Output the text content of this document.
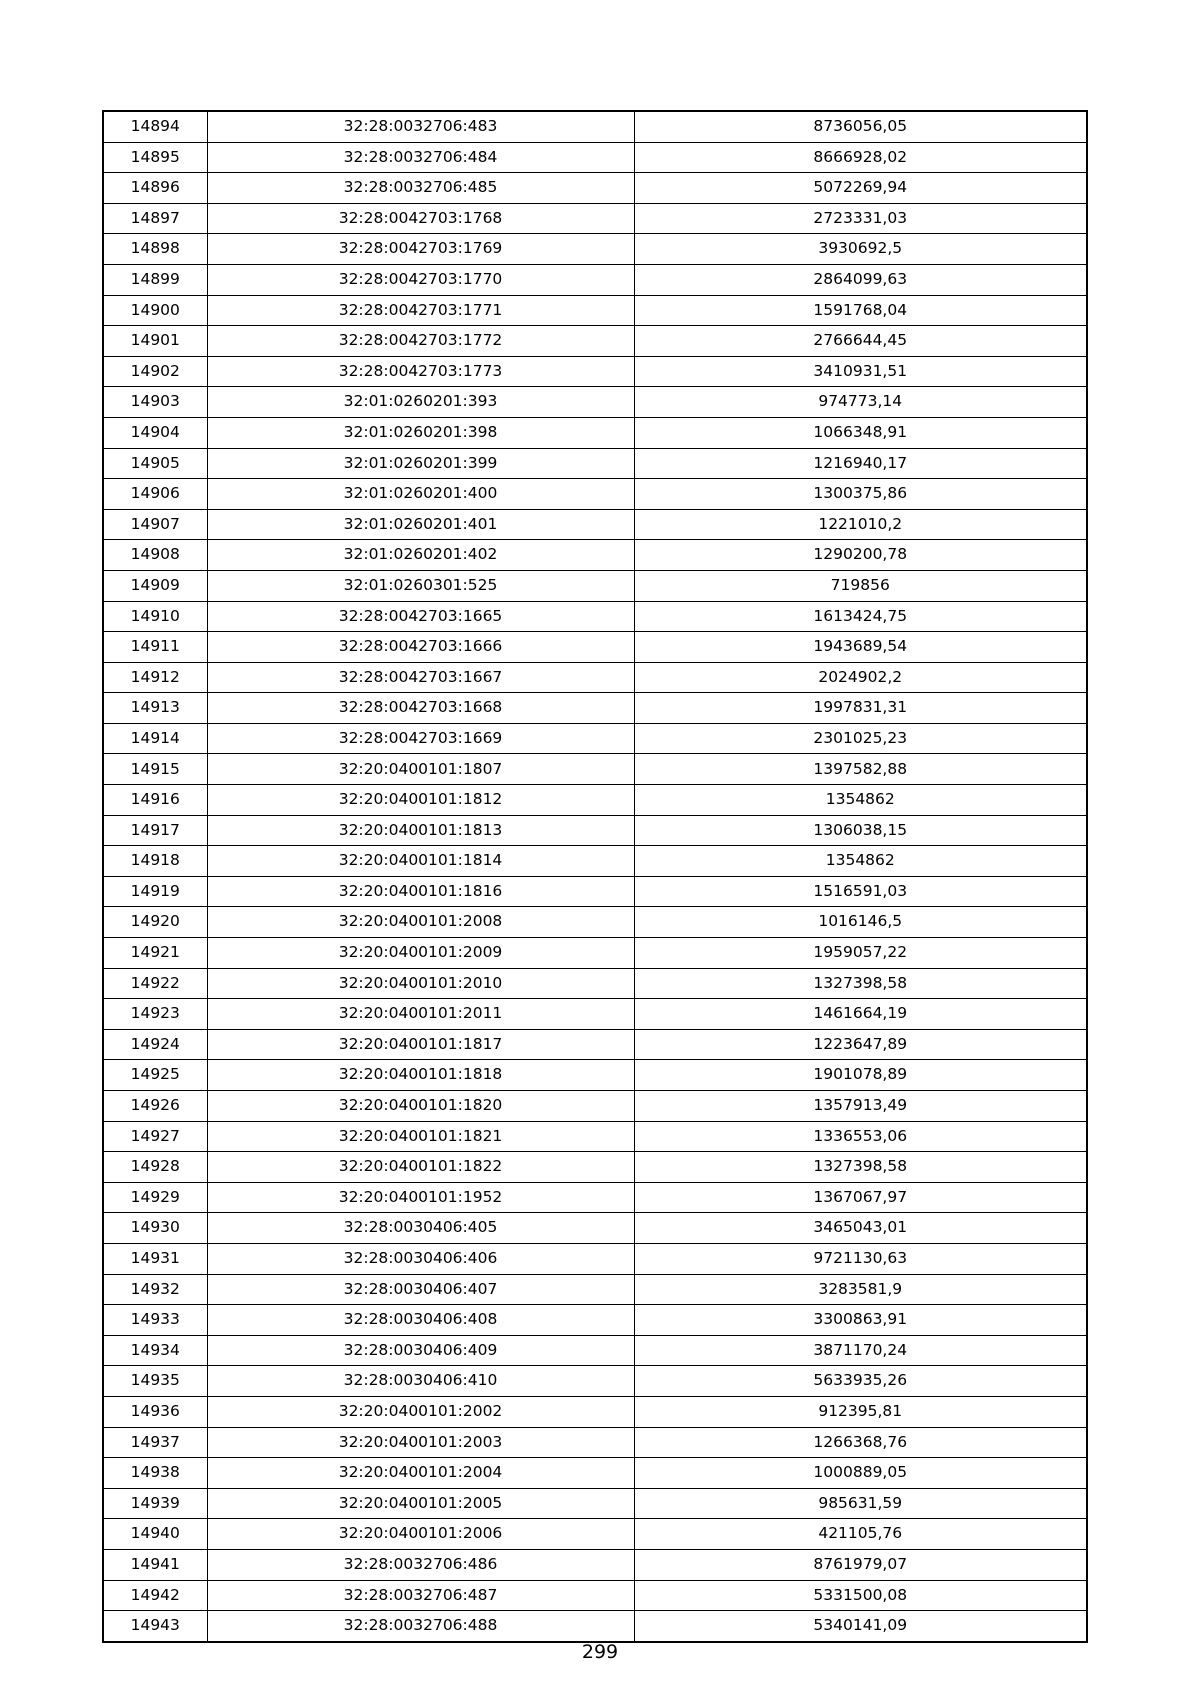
14894	32:28:0032706:483	8736056,05
14895	32:28:0032706:484	8666928,02
14896	32:28:0032706:485	5072269,94
14897	32:28:0042703:1768	2723331,03
14898	32:28:0042703:1769	3930692,5
14899	32:28:0042703:1770	2864099,63
14900	32:28:0042703:1771	1591768,04
14901	32:28:0042703:1772	2766644,45
14902	32:28:0042703:1773	3410931,51
14903	32:01:0260201:393	974773,14
14904	32:01:0260201:398	1066348,91
14905	32:01:0260201:399	1216940,17
14906	32:01:0260201:400	1300375,86
14907	32:01:0260201:401	1221010,2
14908	32:01:0260201:402	1290200,78
14909	32:01:0260301:525	719856
14910	32:28:0042703:1665	1613424,75
14911	32:28:0042703:1666	1943689,54
14912	32:28:0042703:1667	2024902,2
14913	32:28:0042703:1668	1997831,31
14914	32:28:0042703:1669	2301025,23
14915	32:20:0400101:1807	1397582,88
14916	32:20:0400101:1812	1354862
14917	32:20:0400101:1813	1306038,15
14918	32:20:0400101:1814	1354862
14919	32:20:0400101:1816	1516591,03
14920	32:20:0400101:2008	1016146,5
14921	32:20:0400101:2009	1959057,22
14922	32:20:0400101:2010	1327398,58
14923	32:20:0400101:2011	1461664,19
14924	32:20:0400101:1817	1223647,89
14925	32:20:0400101:1818	1901078,89
14926	32:20:0400101:1820	1357913,49
14927	32:20:0400101:1821	1336553,06
14928	32:20:0400101:1822	1327398,58
14929	32:20:0400101:1952	1367067,97
14930	32:28:0030406:405	3465043,01
14931	32:28:0030406:406	9721130,63
14932	32:28:0030406:407	3283581,9
14933	32:28:0030406:408	3300863,91
14934	32:28:0030406:409	3871170,24
14935	32:28:0030406:410	5633935,26
14936	32:20:0400101:2002	912395,81
14937	32:20:0400101:2003	1266368,76
14938	32:20:0400101:2004	1000889,05
14939	32:20:0400101:2005	985631,59
14940	32:20:0400101:2006	421105,76
14941	32:28:0032706:486	8761979,07
14942	32:28:0032706:487	5331500,08
14943	32:28:0032706:488	5340141,09
299
